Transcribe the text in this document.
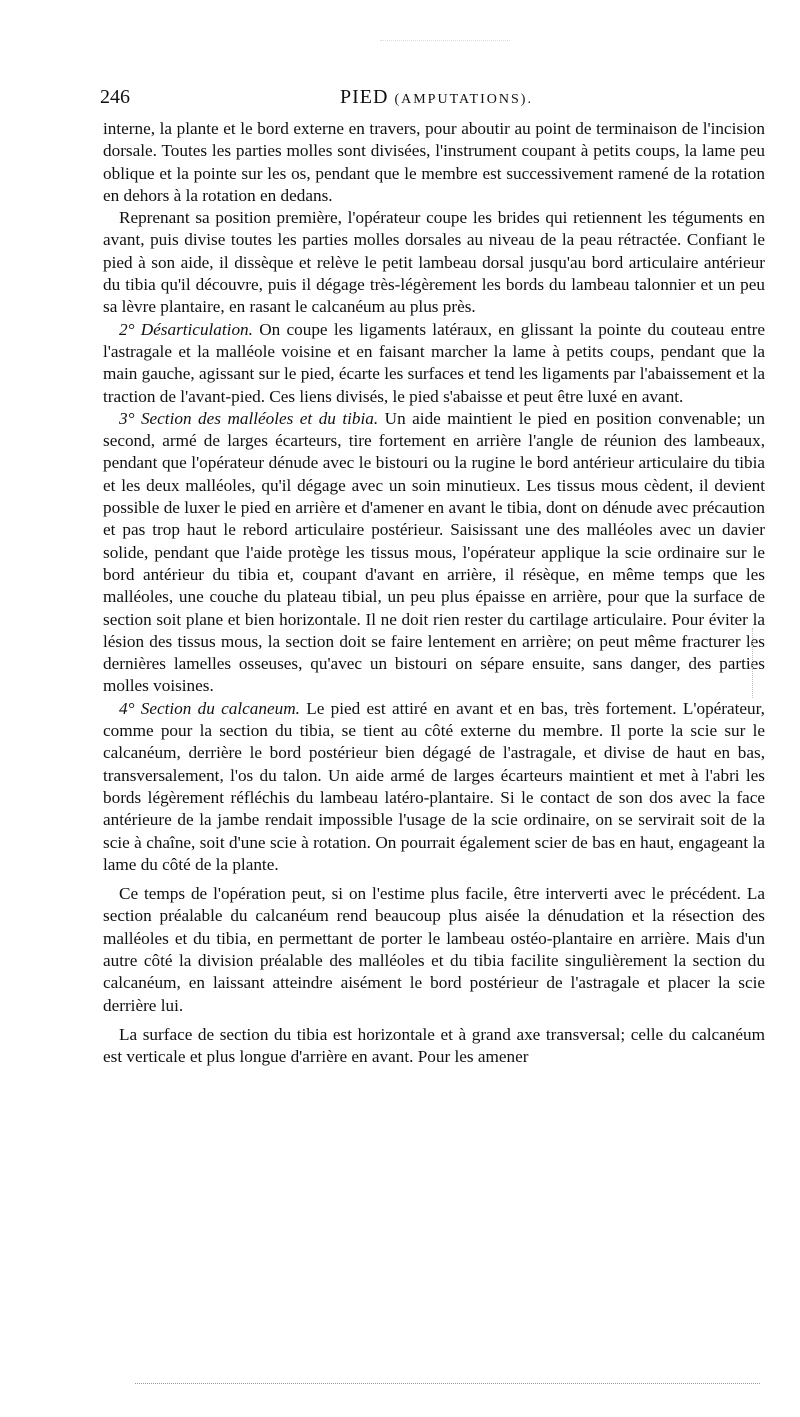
246	PIED (AMPUTATIONS).

interne, la plante et le bord externe en travers, pour aboutir au point de terminaison de l'incision dorsale. Toutes les parties molles sont divisées, l'instrument coupant à petits coups, la lame peu oblique et la pointe sur les os, pendant que le membre est successivement ramené de la rotation en dehors à la rotation en dedans.

Reprenant sa position première, l'opérateur coupe les brides qui retiennent les téguments en avant, puis divise toutes les parties molles dorsales au niveau de la peau rétractée. Confiant le pied à son aide, il dissèque et relève le petit lambeau dorsal jusqu'au bord articulaire antérieur du tibia qu'il découvre, puis il dégage très-légèrement les bords du lambeau talonnier et un peu sa lèvre plantaire, en rasant le calcanéum au plus près.

2° Désarticulation. On coupe les ligaments latéraux, en glissant la pointe du couteau entre l'astragale et la malléole voisine et en faisant marcher la lame à petits coups, pendant que la main gauche, agissant sur le pied, écarte les surfaces et tend les ligaments par l'abaissement et la traction de l'avant-pied. Ces liens divisés, le pied s'abaisse et peut être luxé en avant.

3° Section des malléoles et du tibia. Un aide maintient le pied en position convenable; un second, armé de larges écarteurs, tire fortement en arrière l'angle de réunion des lambeaux, pendant que l'opérateur dénude avec le bistouri ou la rugine le bord antérieur articulaire du tibia et les deux malléoles, qu'il dégage avec un soin minutieux. Les tissus mous cèdent, il devient possible de luxer le pied en arrière et d'amener en avant le tibia, dont on dénude avec précaution et pas trop haut le rebord articulaire postérieur. Saisissant une des malléoles avec un davier solide, pendant que l'aide protège les tissus mous, l'opérateur applique la scie ordinaire sur le bord antérieur du tibia et, coupant d'avant en arrière, il résèque, en même temps que les malléoles, une couche du plateau tibial, un peu plus épaisse en arrière, pour que la surface de section soit plane et bien horizontale. Il ne doit rien rester du cartilage articulaire. Pour éviter la lésion des tissus mous, la section doit se faire lentement en arrière; on peut même fracturer les dernières lamelles osseuses, qu'avec un bistouri on sépare ensuite, sans danger, des parties molles voisines.

4° Section du calcaneum. Le pied est attiré en avant et en bas, très fortement. L'opérateur, comme pour la section du tibia, se tient au côté externe du membre. Il porte la scie sur le calcanéum, derrière le bord postérieur bien dégagé de l'astragale, et divise de haut en bas, transversalement, l'os du talon. Un aide armé de larges écarteurs maintient et met à l'abri les bords légèrement réfléchis du lambeau latéro-plantaire. Si le contact de son dos avec la face antérieure de la jambe rendait impossible l'usage de la scie ordinaire, on se servirait soit de la scie à chaîne, soit d'une scie à rotation. On pourrait également scier de bas en haut, engageant la lame du côté de la plante.

Ce temps de l'opération peut, si on l'estime plus facile, être interverti avec le précédent. La section préalable du calcanéum rend beaucoup plus aisée la dénudation et la résection des malléoles et du tibia, en permettant de porter le lambeau ostéo-plantaire en arrière. Mais d'un autre côté la division préalable des malléoles et du tibia facilite singulièrement la section du calcanéum, en laissant atteindre aisément le bord postérieur de l'astragale et placer la scie derrière lui.

La surface de section du tibia est horizontale et à grand axe transversal; celle du calcanéum est verticale et plus longue d'arrière en avant. Pour les amener
